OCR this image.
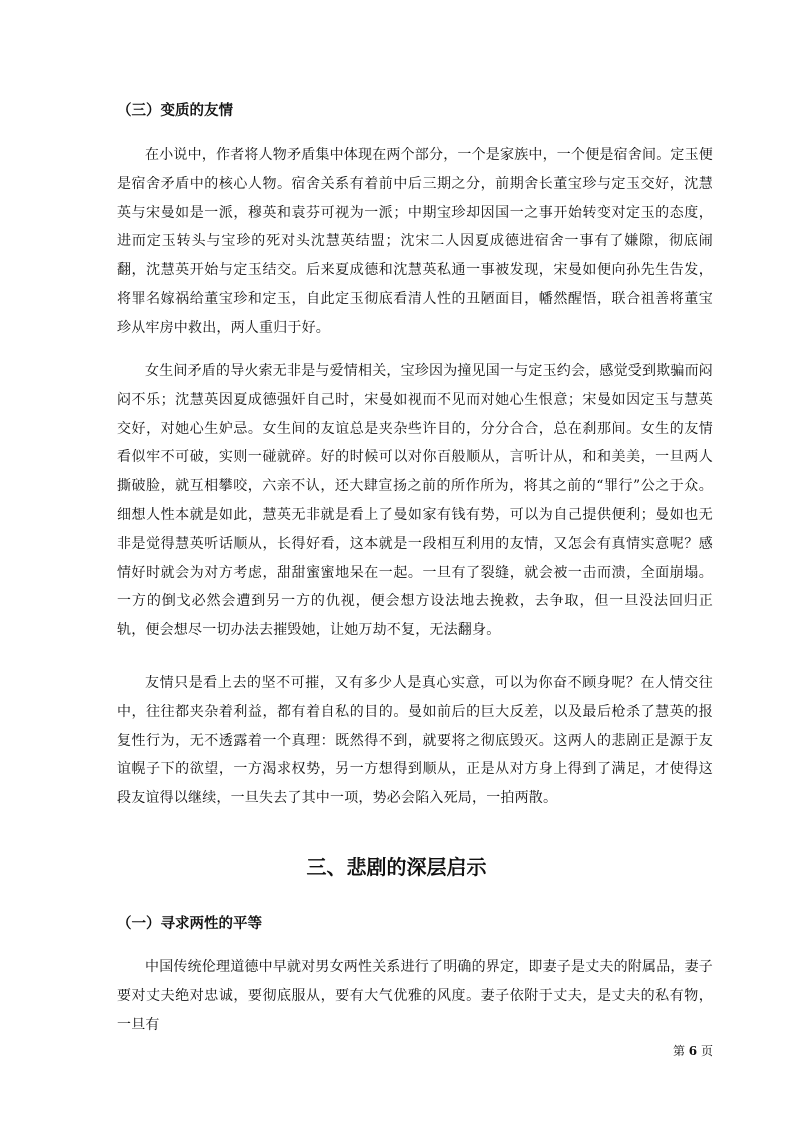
（三）变质的友情

在小说中，作者将人物矛盾集中体现在两个部分，一个是家族中，一个便是宿舍间。定玉便是宿舍矛盾中的核心人物。宿舍关系有着前中后三期之分，前期舍长董宝珍与定玉交好，沈慧英与宋曼如是一派，穆英和袁芬可视为一派；中期宝珍却因国一之事开始转变对定玉的态度，进而定玉转头与宝珍的死对头沈慧英结盟；沈宋二人因夏成德进宿舍一事有了嫌隙，彻底闹翻，沈慧英开始与定玉结交。后来夏成德和沈慧英私通一事被发现，宋曼如便向孙先生告发，将罪名嫁祸给董宝珍和定玉，自此定玉彻底看清人性的丑陋面目，幡然醒悟，联合祖善将董宝珍从牢房中救出，两人重归于好。

女生间矛盾的导火索无非是与爱情相关，宝珍因为撞见国一与定玉约会，感觉受到欺骗而闷闷不乐；沈慧英因夏成德强奸自己时，宋曼如视而不见而对她心生恨意；宋曼如因定玉与慧英交好，对她心生妒忌。女生间的友谊总是夹杂些许目的，分分合合，总在刹那间。女生的友情看似牢不可破，实则一碰就碎。好的时候可以对你百般顺从，言听计从，和和美美，一旦两人撕破脸，就互相攀咬，六亲不认，还大肆宣扬之前的所作所为，将其之前的“罪行”公之于众。细想人性本就是如此，慧英无非就是看上了曼如家有钱有势，可以为自己提供便利；曼如也无非是觉得慧英听话顺从，长得好看，这本就是一段相互利用的友情，又怎会有真情实意呢？感情好时就会为对方考虑，甜甜蜜蜜地呆在一起。一旦有了裂缝，就会被一击而溃，全面崩塌。一方的倒戈必然会遭到另一方的仇视，便会想方设法地去挽救，去争取，但一旦没法回归正轨，便会想尽一切办法去摧毁她，让她万劫不复，无法翻身。

友情只是看上去的坚不可摧，又有多少人是真心实意，可以为你奋不顾身呢？在人情交往中，往往都夹杂着利益，都有着自私的目的。曼如前后的巨大反差，以及最后枪杀了慧英的报复性行为，无不透露着一个真理：既然得不到，就要将之彻底毁灭。这两人的悲剧正是源于友谊幌子下的欲望，一方渴求权势，另一方想得到顺从，正是从对方身上得到了满足，才使得这段友谊得以继续，一旦失去了其中一项，势必会陷入死局，一拍两散。

三、悲剧的深层启示
（一）寻求两性的平等

中国传统伦理道德中早就对男女两性关系进行了明确的界定，即妻子是丈夫的附属品，妻子要对丈夫绝对忠诚，要彻底服从，要有大气优雅的风度。妻子依附于丈夫，是丈夫的私有物，一旦有

第 6 页
